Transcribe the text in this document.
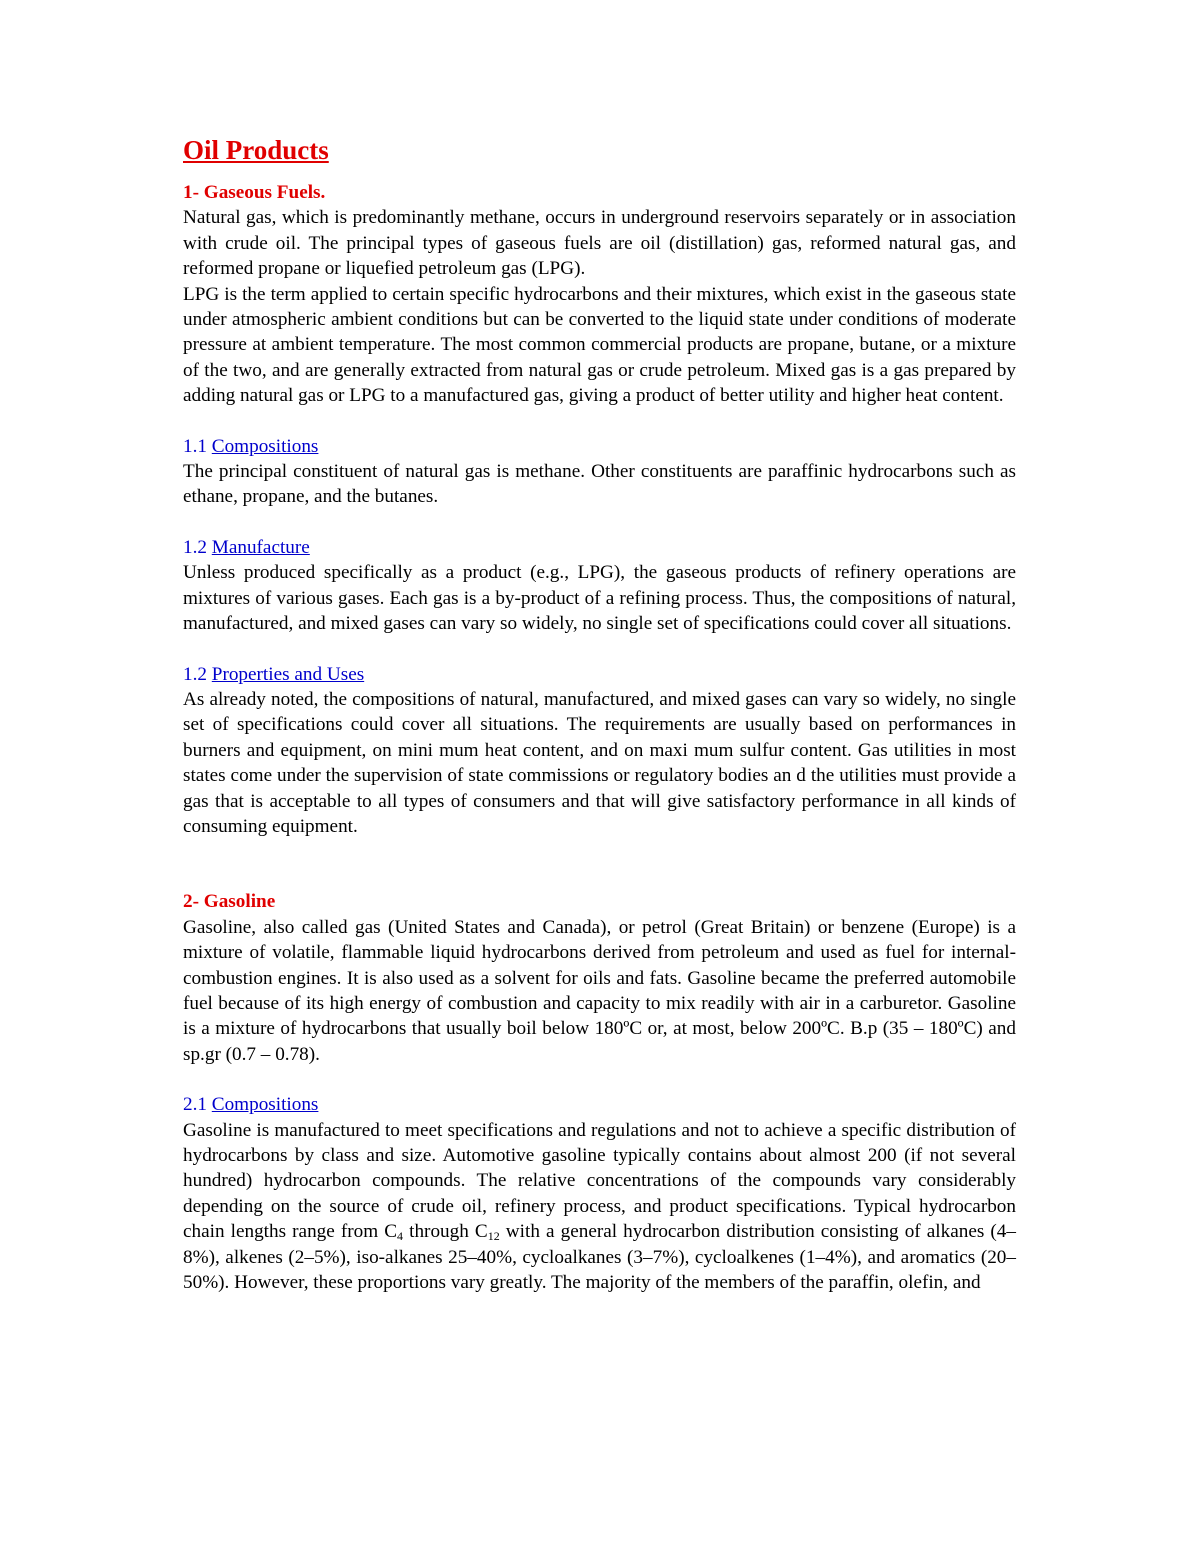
Oil Products

1- Gaseous Fuels.

Natural gas, which is predominantly methane, occurs in underground reservoirs separately or in association with crude oil. The principal types of gaseous fuels are oil (distillation) gas, reformed natural gas, and reformed propane or liquefied petroleum gas (LPG).

LPG is the term applied to certain specific hydrocarbons and their mixtures, which exist in the gaseous state under atmospheric ambient conditions but can be converted to the liquid state under conditions of moderate pressure at ambient temperature. The most common commercial products are propane, butane, or a mixture of the two, and are generally extracted from natural gas or crude petroleum. Mixed gas is a gas prepared by adding natural gas or LPG to a manufactured gas, giving a product of better utility and higher heat content.

1.1 Compositions

The principal constituent of natural gas is methane. Other constituents are paraffinic hydrocarbons such as ethane, propane, and the butanes.

1.2 Manufacture

Unless produced specifically as a product (e.g., LPG), the gaseous products of refinery operations are mixtures of various gases. Each gas is a by-product of a refining process. Thus, the compositions of natural, manufactured, and mixed gases can vary so widely, no single set of specifications could cover all situations.

1.2 Properties and Uses

As already noted, the compositions of natural, manufactured, and mixed gases can vary so widely, no single set of specifications could cover all situations. The requirements are usually based on performances in burners and equipment, on mini mum heat content, and on maxi mum sulfur content. Gas utilities in most states come under the supervision of state commissions or regulatory bodies an d the utilities must provide a gas that is acceptable to all types of consumers and that will give satisfactory performance in all kinds of consuming equipment.

2- Gasoline

Gasoline, also called gas (United States and Canada), or petrol (Great Britain) or benzene (Europe) is a mixture of volatile, flammable liquid hydrocarbons derived from petroleum and used as fuel for internal-combustion engines. It is also used as a solvent for oils and fats. Gasoline became the preferred automobile fuel because of its high energy of combustion and capacity to mix readily with air in a carburetor. Gasoline is a mixture of hydrocarbons that usually boil below 180ºC or, at most, below 200ºC. B.p (35 – 180ºC) and sp.gr (0.7 – 0.78).

2.1 Compositions

Gasoline is manufactured to meet specifications and regulations and not to achieve a specific distribution of hydrocarbons by class and size. Automotive gasoline typically contains about almost 200 (if not several hundred) hydrocarbon compounds. The relative concentrations of the compounds vary considerably depending on the source of crude oil, refinery process, and product specifications. Typical hydrocarbon chain lengths range from $C_4$ through $C_{12}$ with a general hydrocarbon distribution consisting of alkanes (4–8%), alkenes (2–5%), iso-alkanes 25–40%, cycloalkanes (3–7%), cycloalkenes (1–4%), and aromatics (20–50%). However, these proportions vary greatly. The majority of the members of the paraffin, olefin, and
